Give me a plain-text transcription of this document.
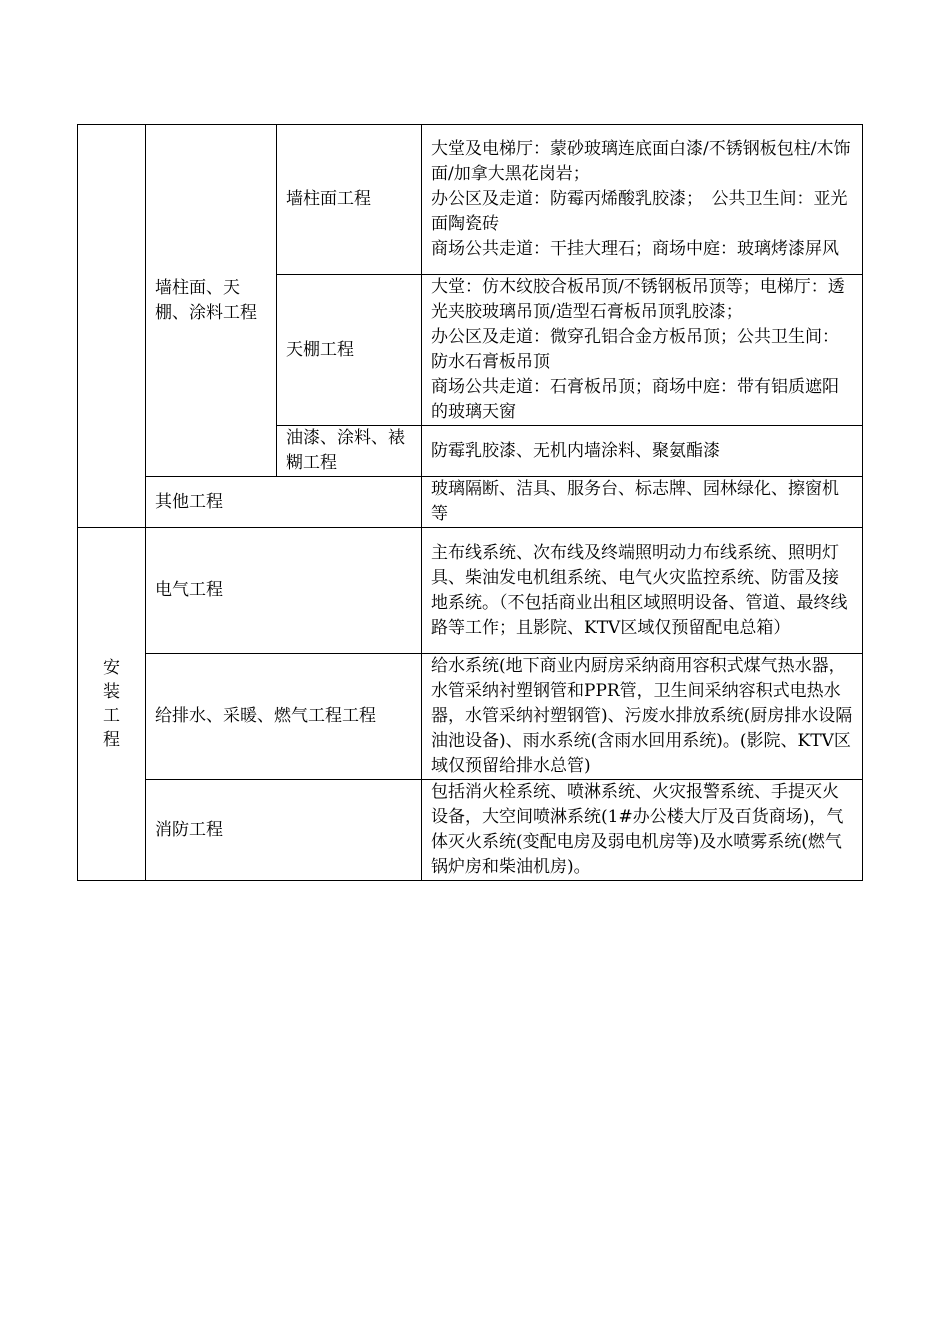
	墙柱面、天棚、涂料工程	墙柱面工程	大堂及电梯厅：蒙砂玻璃连底面白漆/不锈钢板包柱/木饰面/加拿大黑花岗岩；
办公区及走道：防霉丙烯酸乳胶漆；　公共卫生间：亚光面陶瓷砖
商场公共走道：干挂大理石；商场中庭：玻璃烤漆屏风

		天棚工程	大堂：仿木纹胶合板吊顶/不锈钢板吊顶等；电梯厅：透光夹胶玻璃吊顶/造型石膏板吊顶乳胶漆；
办公区及走道：微穿孔铝合金方板吊顶；公共卫生间：防水石膏板吊顶
商场公共走道：石膏板吊顶；商场中庭：带有铝质遮阳的玻璃天窗

		油漆、涂料、裱糊工程	防霉乳胶漆、无机内墙涂料、聚氨酯漆
	其他工程		玻璃隔断、洁具、服务台、标志牌、园林绿化、擦窗机等
安装工程	电气工程		主布线系统、次布线及终端照明动力布线系统、照明灯具、柴油发电机组系统、电气火灾监控系统、防雷及接地系统。（不包括商业出租区域照明设备、管道、最终线路等工作；且影院、KTV区域仅预留配电总箱）
	给排水、采暖、燃气工程工程		给水系统(地下商业内厨房采纳商用容积式煤气热水器，水管采纳衬塑钢管和PPR管，卫生间采纳容积式电热水器，水管采纳衬塑钢管)、污废水排放系统(厨房排水设隔油池设备)、雨水系统(含雨水回用系统)。(影院、KTV区域仅预留给排水总管)
	消防工程		包括消火栓系统、喷淋系统、火灾报警系统、手提灭火设备，大空间喷淋系统(1#办公楼大厅及百货商场)，气体灭火系统(变配电房及弱电机房等)及水喷雾系统(燃气锅炉房和柴油机房)。
